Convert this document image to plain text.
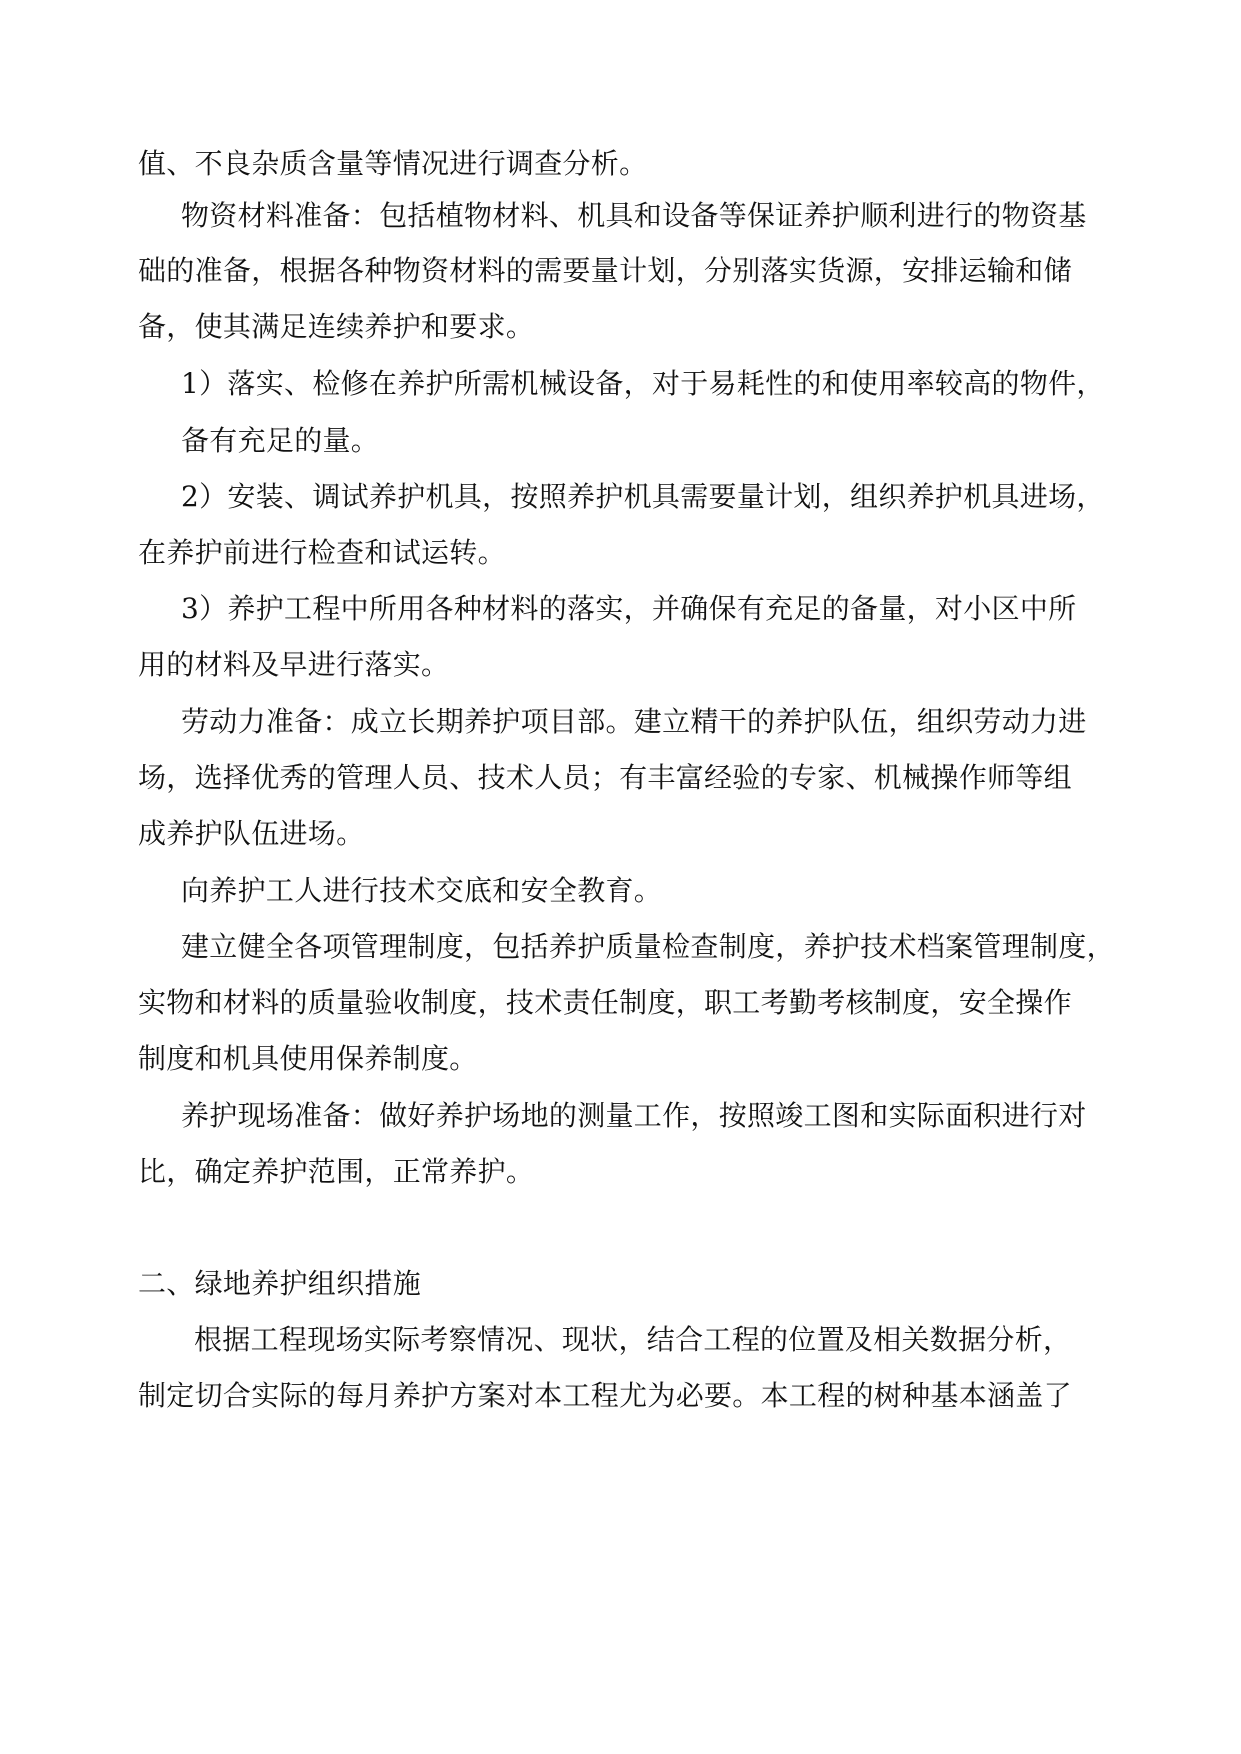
值、不良杂质含量等情况进行调查分析。
物资材料准备：包括植物材料、机具和设备等保证养护顺利进行的物资基
础的准备，根据各种物资材料的需要量计划，分别落实货源，安排运输和储
备，使其满足连续养护和要求。
1）落实、检修在养护所需机械设备，对于易耗性的和使用率较高的物件，
备有充足的量。
2）安装、调试养护机具，按照养护机具需要量计划，组织养护机具进场，
在养护前进行检查和试运转。
3）养护工程中所用各种材料的落实，并确保有充足的备量，对小区中所
用的材料及早进行落实。
劳动力准备：成立长期养护项目部。建立精干的养护队伍，组织劳动力进
场，选择优秀的管理人员、技术人员；有丰富经验的专家、机械操作师等组
成养护队伍进场。
向养护工人进行技术交底和安全教育。
建立健全各项管理制度，包括养护质量检查制度，养护技术档案管理制度，
实物和材料的质量验收制度，技术责任制度，职工考勤考核制度，安全操作
制度和机具使用保养制度。
养护现场准备：做好养护场地的测量工作，按照竣工图和实际面积进行对
比，确定养护范围，正常养护。
二、绿地养护组织措施
根据工程现场实际考察情况、现状，结合工程的位置及相关数据分析，
制定切合实际的每月养护方案对本工程尤为必要。本工程的树种基本涵盖了
